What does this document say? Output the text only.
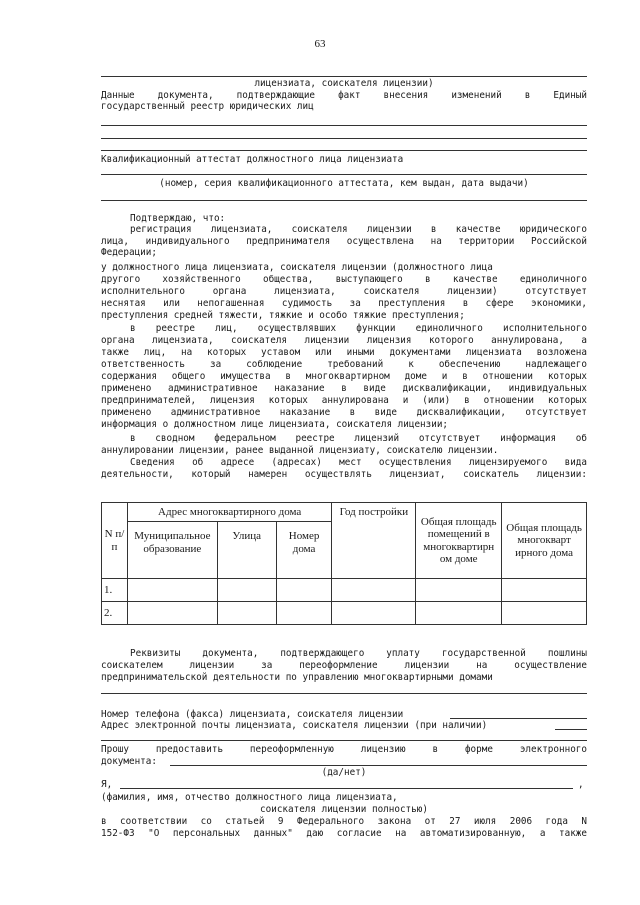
63
лицензиата, соискателя лицензии)
Данные документа, подтверждающие факт внесения изменений в Единый
государственный реестр юридических лиц
Квалификационный аттестат должностного лица лицензиата
(номер, серия квалификационного аттестата, кем выдан, дата выдачи)
Подтверждаю, что:
регистрация лицензиата, соискателя лицензии в качестве юридического
лица, индивидуального предпринимателя осуществлена на территории Российской
Федерации;
у должностного лица лицензиата, соискателя лицензии (должностного лица
другого хозяйственного общества, выступающего в качестве единоличного
исполнительного органа лицензиата, соискателя лицензии) отсутствует
неснятая или непогашенная судимость за преступления в сфере экономики,
преступления средней тяжести, тяжкие и особо тяжкие преступления;
в реестре лиц, осуществлявших функции единоличного исполнительного
органа лицензиата, соискателя лицензии лицензия которого аннулирована, а
также лиц, на которых уставом или иными документами лицензиата возложена
ответственность за соблюдение требований к обеспечению надлежащего
содержания общего имущества в многоквартирном доме и в отношении которых
применено административное наказание в виде дисквалификации, индивидуальных
предпринимателей, лицензия которых аннулирована и (или) в отношении которых
применено административное наказание в виде дисквалификации, отсутствует
информация о должностном лице лицензиата, соискателя лицензии;
в сводном федеральном реестре лицензий отсутствует информация об
аннулировании лицензии, ранее выданной лицензиату, соискателю лицензии.
Сведения об адресе (адресах) мест осуществления лицензируемого вида
деятельности, который намерен осуществлять лицензиат, соискатель лицензии:
N п/п	Адрес многоквартирного дома			Год постройки	Общая площадь помещений в многоквартирн ом доме	Общая площадь многокварт ирного дома
	Муниципальное образование	Улица	Номер дома			
1.						
2.						
Реквизиты документа, подтверждающего уплату государственной пошлины
соискателем лицензии за переоформление лицензии на осуществление
предпринимательской деятельности по управлению многоквартирными домами
Номер телефона (факса) лицензиата, соискателя лицензии
Адрес электронной почты лицензиата, соискателя лицензии (при наличии)
Прошу предоставить переоформленную лицензию в форме электронного
документа:
(да/нет)
Я,	,
(фамилия, имя, отчество должностного лица лицензиата,
соискателя лицензии полностью)
в соответствии со статьей 9 Федерального закона от 27 июля 2006 года N
152-ФЗ "О персональных данных" даю согласие на автоматизированную, а также
